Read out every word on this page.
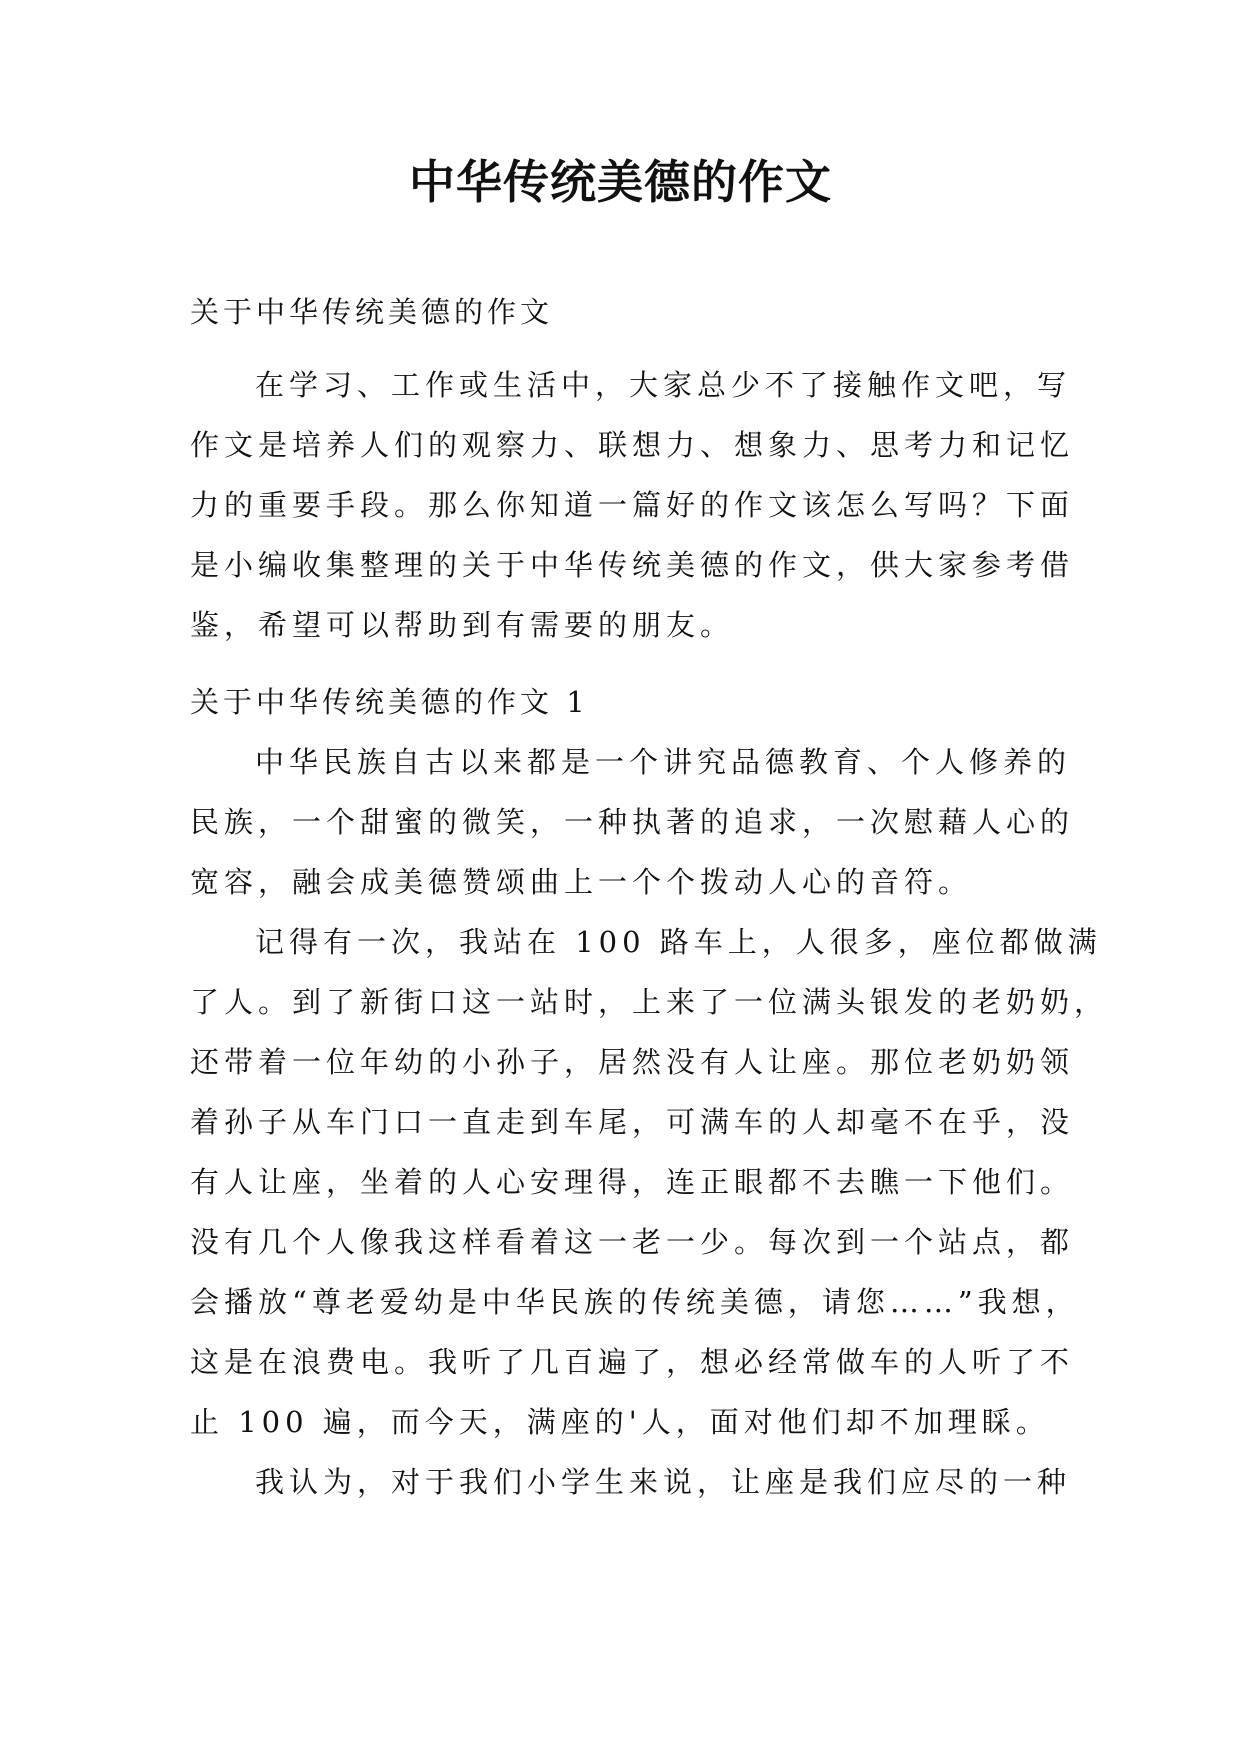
中华传统美德的作文
关于中华传统美德的作文
在学习、工作或生活中，大家总少不了接触作文吧，写
作文是培养人们的观察力、联想力、想象力、思考力和记忆
力的重要手段。那么你知道一篇好的作文该怎么写吗？下面
是小编收集整理的关于中华传统美德的作文，供大家参考借
鉴，希望可以帮助到有需要的朋友。
关于中华传统美德的作文 1
中华民族自古以来都是一个讲究品德教育、个人修养的
民族，一个甜蜜的微笑，一种执著的追求，一次慰藉人心的
宽容，融会成美德赞颂曲上一个个拨动人心的音符。
记得有一次，我站在 100 路车上，人很多，座位都做满
了人。到了新街口这一站时，上来了一位满头银发的老奶奶，
还带着一位年幼的小孙子，居然没有人让座。那位老奶奶领
着孙子从车门口一直走到车尾，可满车的人却毫不在乎，没
有人让座，坐着的人心安理得，连正眼都不去瞧一下他们。
没有几个人像我这样看着这一老一少。每次到一个站点，都
会播放“尊老爱幼是中华民族的传统美德，请您……”我想，
这是在浪费电。我听了几百遍了，想必经常做车的人听了不
止 100 遍，而今天，满座的'人，面对他们却不加理睬。
我认为，对于我们小学生来说，让座是我们应尽的一种
